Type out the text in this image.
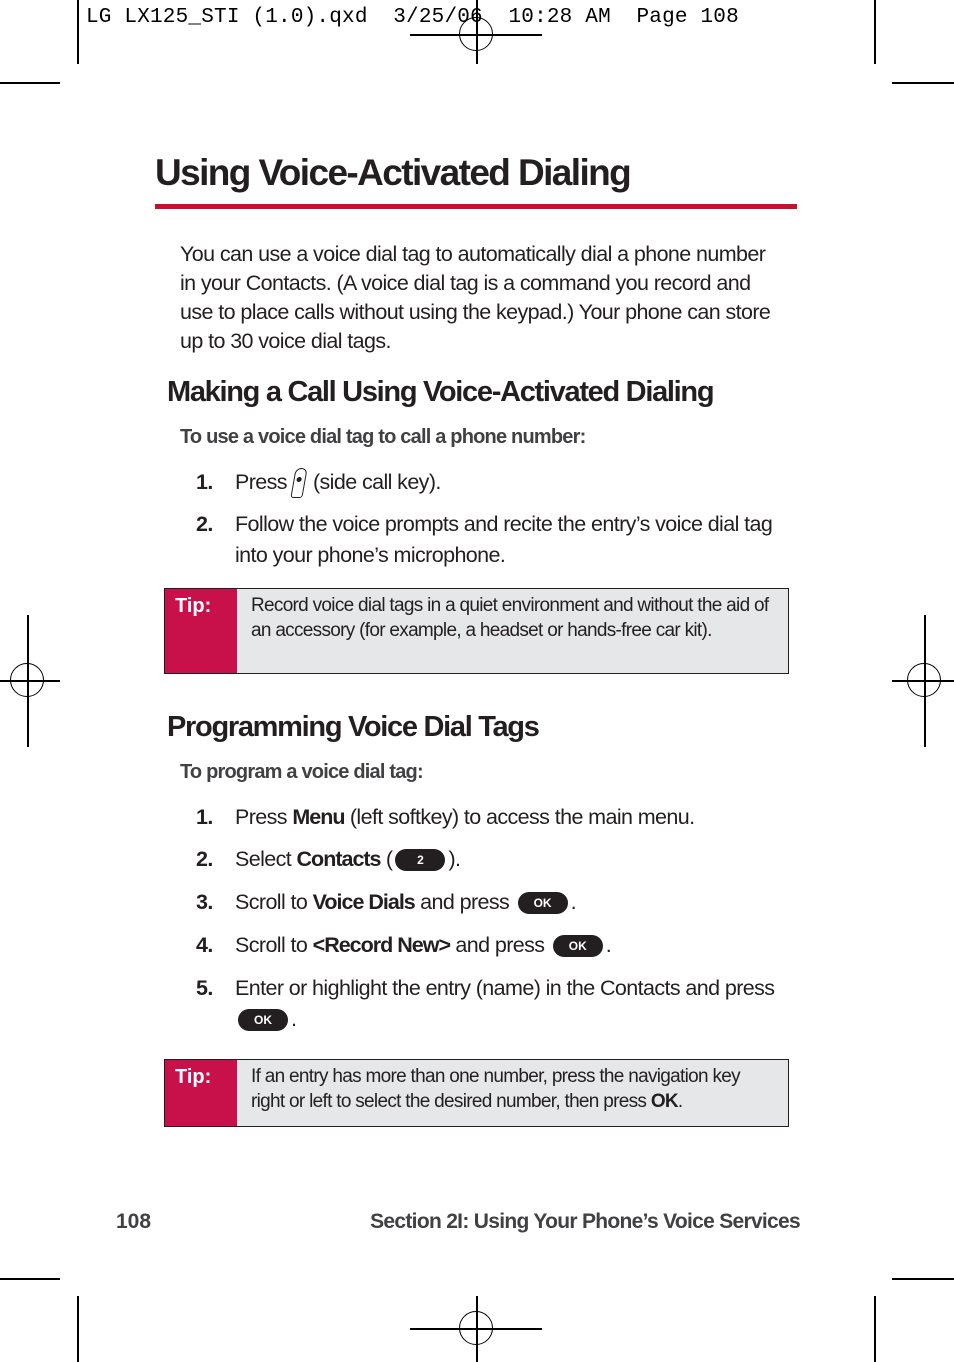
LG LX125_STI (1.0).qxd  3/25/06  10:28 AM  Page 108
Using Voice-Activated Dialing

You can use a voice dial tag to automatically dial a phone number in your Contacts. (A voice dial tag is a command you record and use to place calls without using the keypad.) Your phone can store up to 30 voice dial tags.

Making a Call Using Voice-Activated Dialing

To use a voice dial tag to call a phone number:

1. Press (side call key).
2. Follow the voice prompts and recite the entry’s voice dial tag into your phone’s microphone.
Tip:	Record voice dial tags in a quiet environment and without the aid of an accessory (for example, a headset or hands-free car kit).
Programming Voice Dial Tags

To program a voice dial tag:

1. Press Menu (left softkey) to access the main menu.
2. Select Contacts ( 2 ).
3. Scroll to Voice Dials and press OK .
4. Scroll to <Record New> and press OK .
5. Enter or highlight the entry (name) in the Contacts and press OK .
Tip:	If an entry has more than one number, press the navigation key right or left to select the desired number, then press OK.
108	Section 2I: Using Your Phone’s Voice Services
